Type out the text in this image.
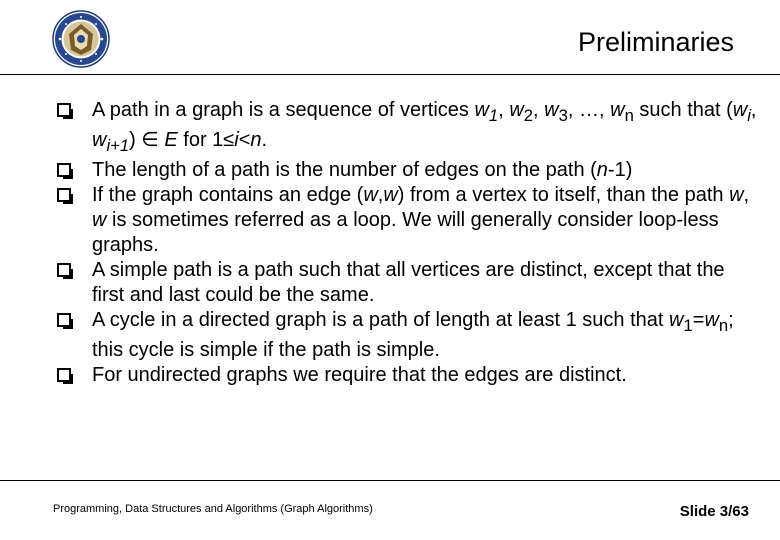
Preliminaries
A path in a graph is a sequence of vertices $w_1$, $w_2$, $w_3$, …, $w_n$ such that ($w_i$, $w_{i+1}$) ∈ E for 1≤i<n.
The length of a path is the number of edges on the path (n-1)
If the graph contains an edge (w,w) from a vertex to itself, than the path w, w is sometimes referred as a loop. We will generally consider loop-less graphs.
A simple path is a path such that all vertices are distinct, except that the first and last could be the same.
A cycle in a directed graph is a path of length at least 1 such that $w_1=w_n$; this cycle is simple if the path is simple.
For undirected graphs we require that the edges are distinct.
Programming, Data Structures and Algorithms (Graph Algorithms)	Slide 3/63
